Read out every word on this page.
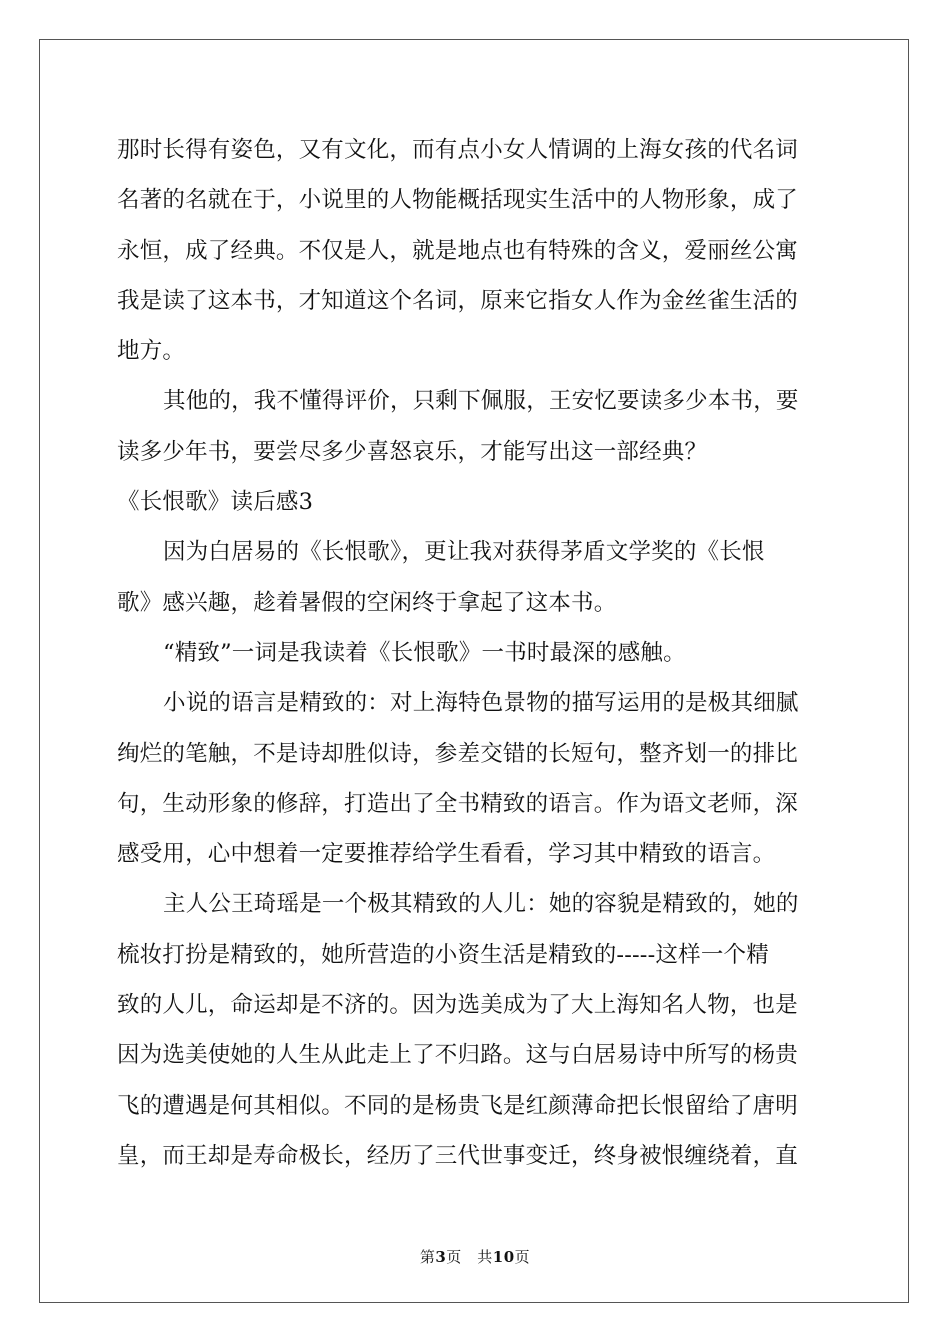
那时长得有姿色，又有文化，而有点小女人情调的上海女孩的代名词
名著的名就在于，小说里的人物能概括现实生活中的人物形象，成了
永恒，成了经典。不仅是人，就是地点也有特殊的含义，爱丽丝公寓
我是读了这本书，才知道这个名词，原来它指女人作为金丝雀生活的
地方。
其他的，我不懂得评价，只剩下佩服，王安忆要读多少本书，要
读多少年书，要尝尽多少喜怒哀乐，才能写出这一部经典？
《长恨歌》读后感3
因为白居易的《长恨歌》，更让我对获得茅盾文学奖的《长恨
歌》感兴趣，趁着暑假的空闲终于拿起了这本书。
“精致”一词是我读着《长恨歌》一书时最深的感触。
小说的语言是精致的：对上海特色景物的描写运用的是极其细腻
绚烂的笔触，不是诗却胜似诗，参差交错的长短句，整齐划一的排比
句，生动形象的修辞，打造出了全书精致的语言。作为语文老师，深
感受用，心中想着一定要推荐给学生看看，学习其中精致的语言。
主人公王琦瑶是一个极其精致的人儿：她的容貌是精致的，她的
梳妆打扮是精致的，她所营造的小资生活是精致的-----这样一个精
致的人儿，命运却是不济的。因为选美成为了大上海知名人物，也是
因为选美使她的人生从此走上了不归路。这与白居易诗中所写的杨贵
飞的遭遇是何其相似。不同的是杨贵飞是红颜薄命把长恨留给了唐明
皇，而王却是寿命极长，经历了三代世事变迁，终身被恨缠绕着，直
第3页　共10页
